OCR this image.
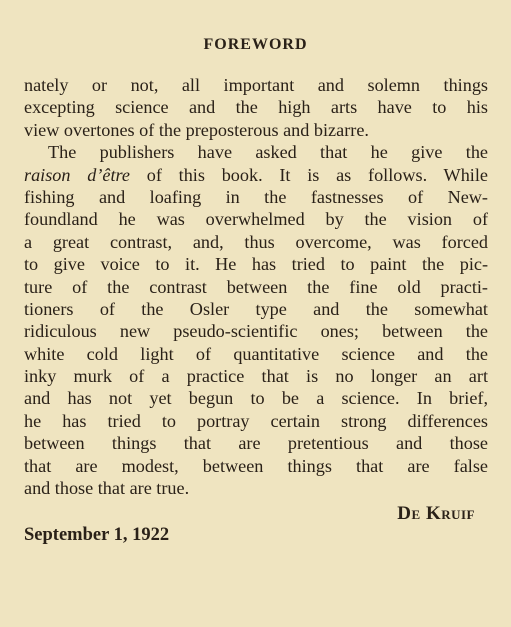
FOREWORD
nately or not, all important and solemn things
excepting science and the high arts have to his
view overtones of the preposterous and bizarre.
The publishers have asked that he give the
raison d’être of this book. It is as follows. While
fishing and loafing in the fastnesses of New-
foundland he was overwhelmed by the vision of
a great contrast, and, thus overcome, was forced
to give voice to it. He has tried to paint the pic-
ture of the contrast between the fine old practi-
tioners of the Osler type and the somewhat
ridiculous new pseudo-scientific ones; between the
white cold light of quantitative science and the
inky murk of a practice that is no longer an art
and has not yet begun to be a science. In brief,
he has tried to portray certain strong differences
between things that are pretentious and those
that are modest, between things that are false
and those that are true.
De Kruif
September 1, 1922
